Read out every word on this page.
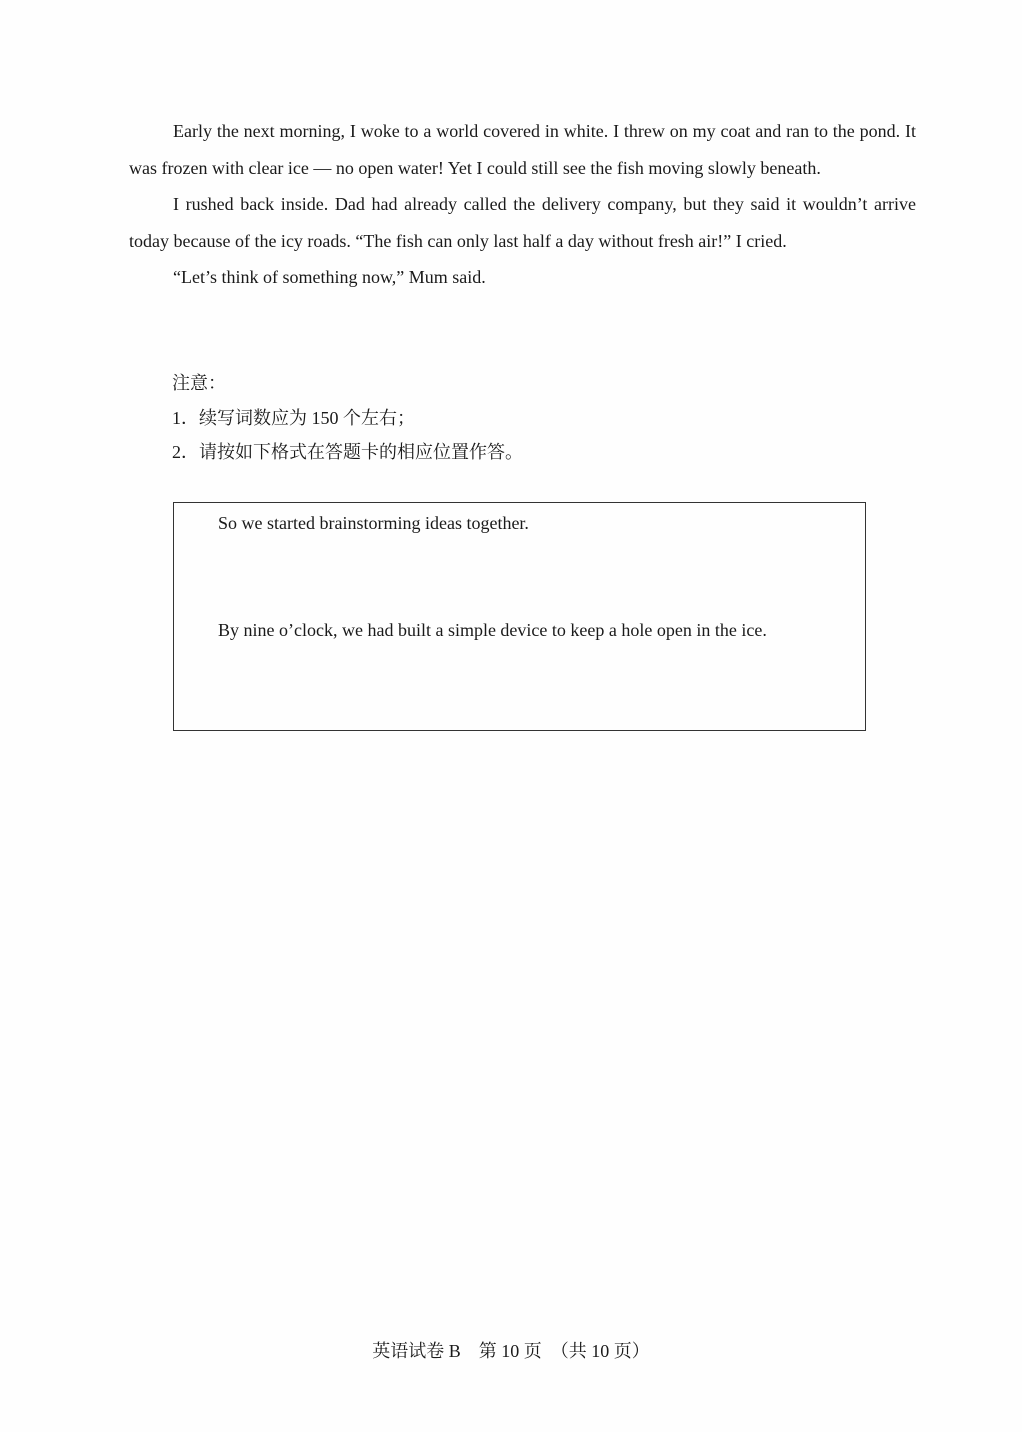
Early the next morning, I woke to a world covered in white. I threw on my coat and ran to the pond. It was frozen with clear ice — no open water! Yet I could still see the fish moving slowly beneath.

I rushed back inside. Dad had already called the delivery company, but they said it wouldn’t arrive today because of the icy roads. “The fish can only last half a day without fresh air!” I cried.

“Let’s think of something now,” Mum said.

注意：
1．续写词数应为 150 个左右；
2．请按如下格式在答题卡的相应位置作答。
So we started brainstorming ideas together.
By nine o’clock, we had built a simple device to keep a hole open in the ice.
英语试卷 B　第 10 页　（共 10 页）
